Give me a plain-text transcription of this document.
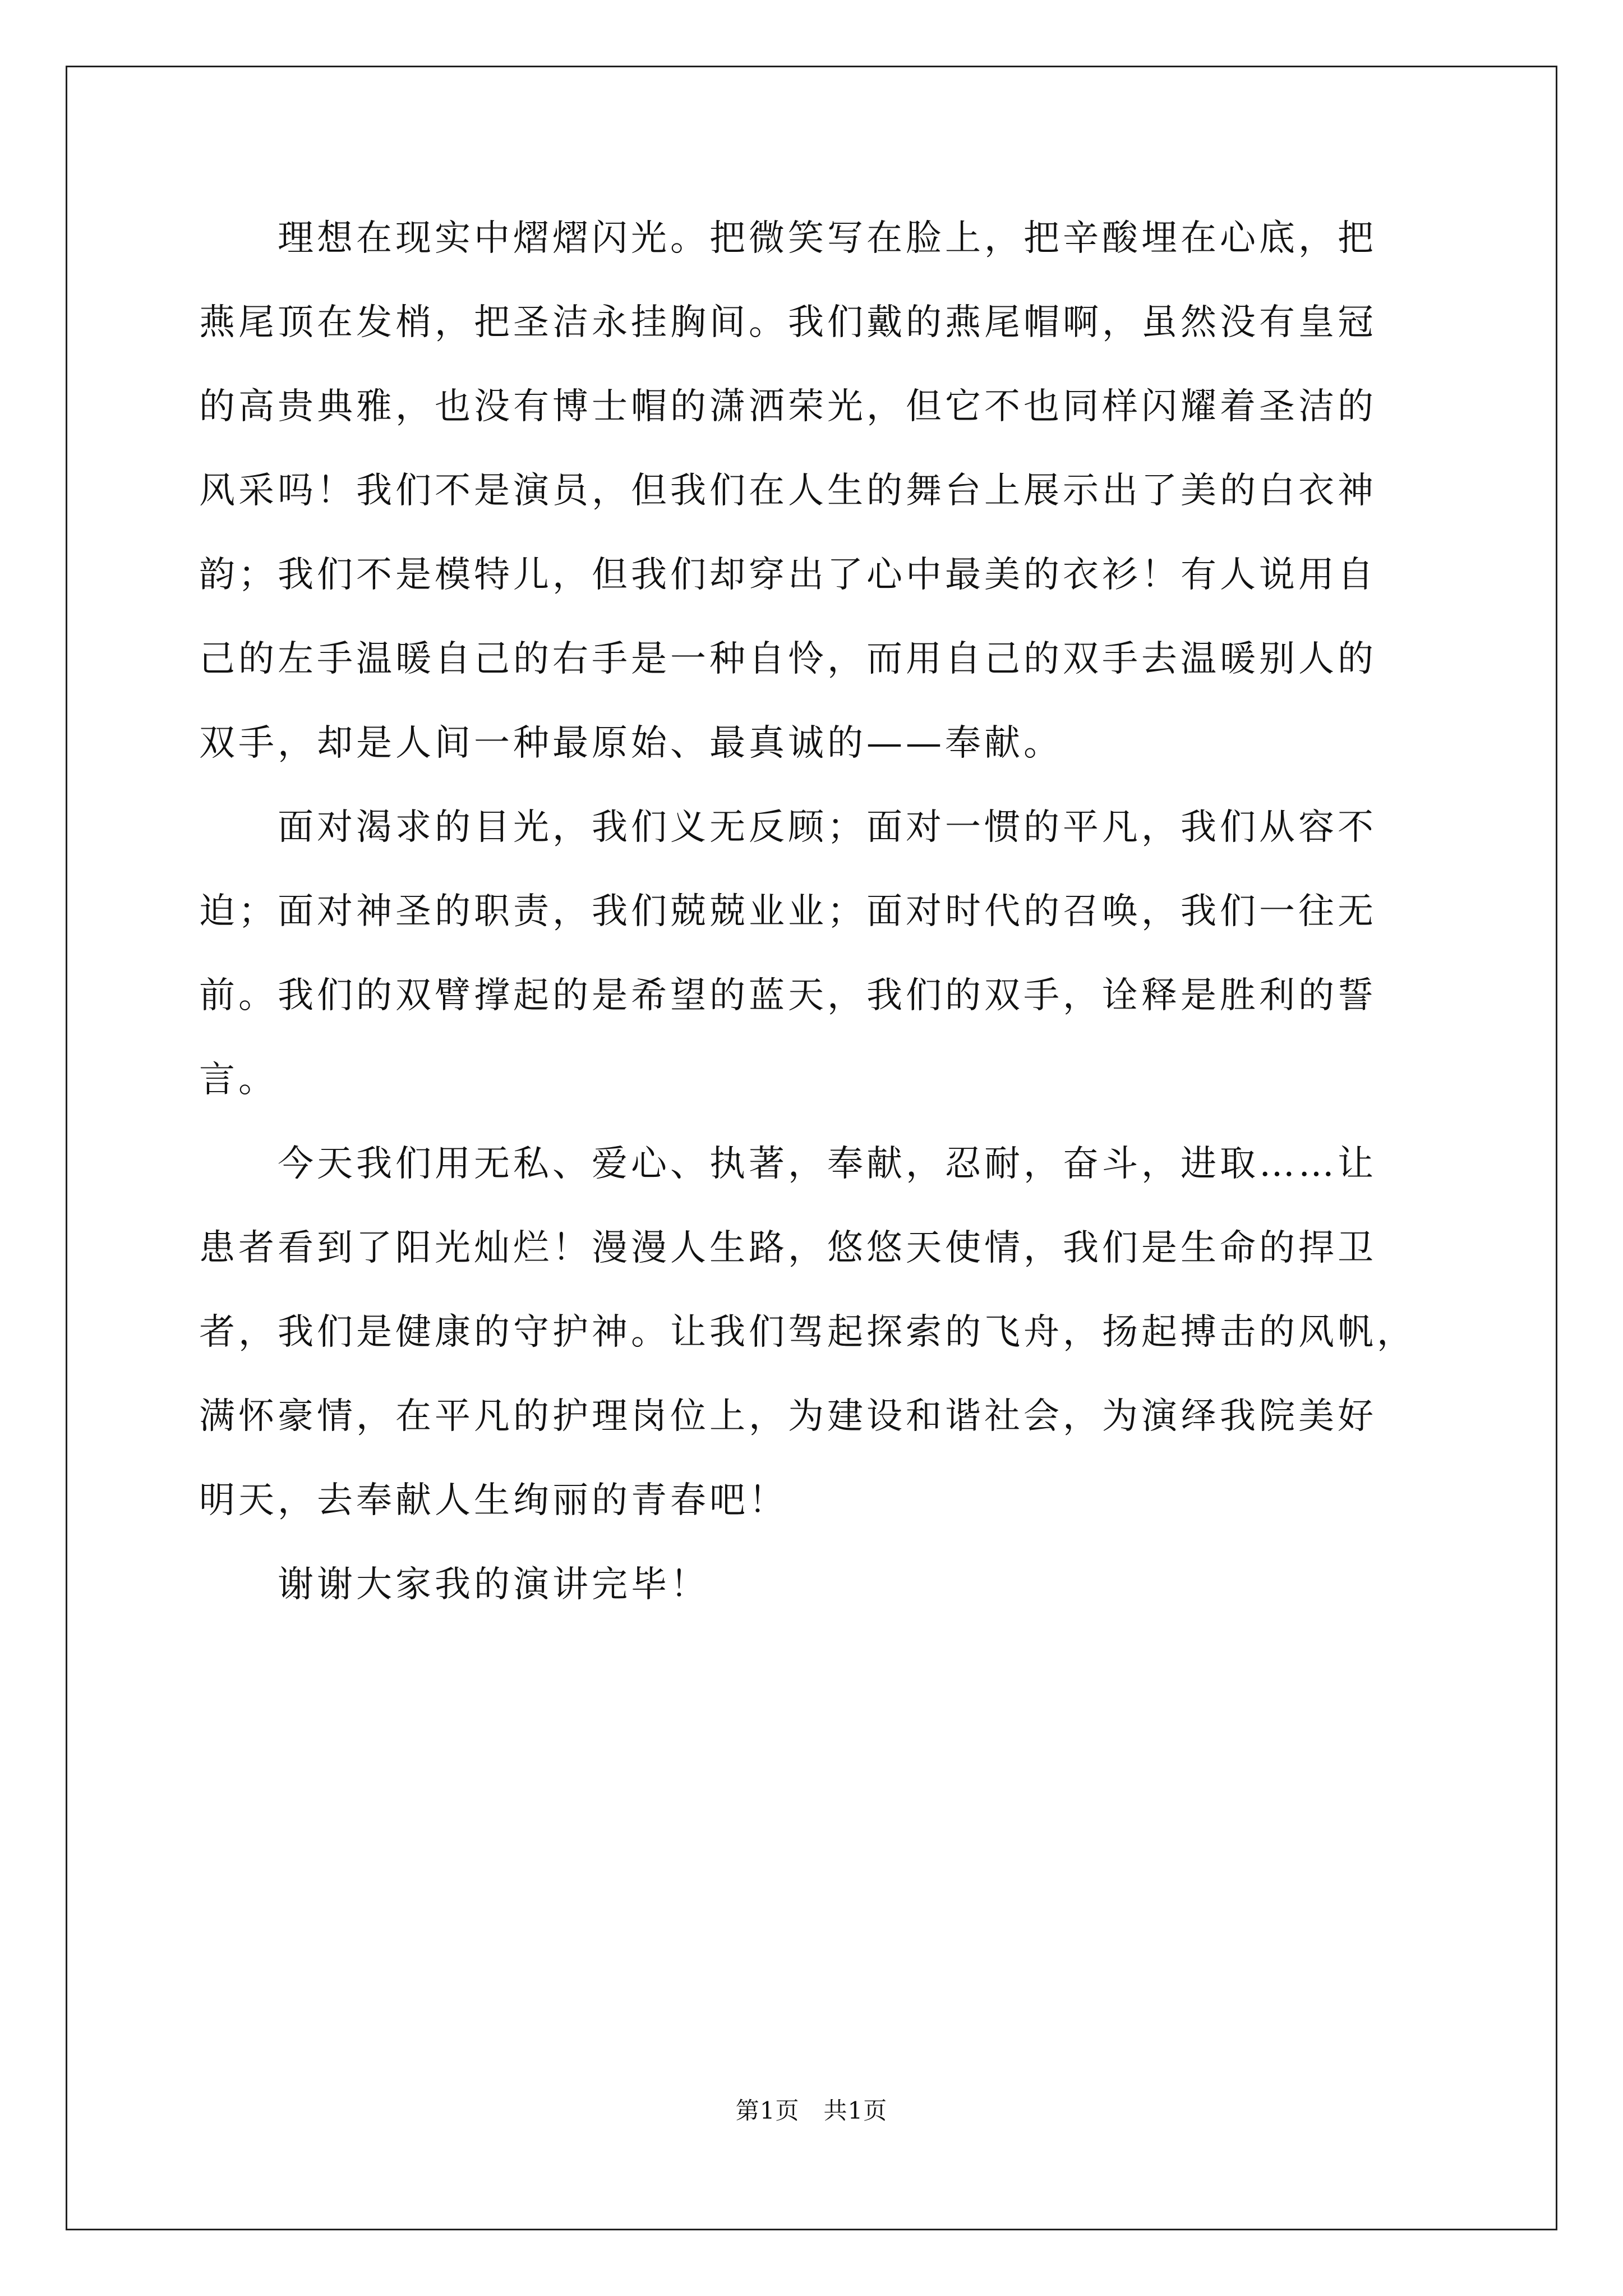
　　理想在现实中熠熠闪光。把微笑写在脸上，把辛酸埋在心底，把
燕尾顶在发梢，把圣洁永挂胸间。我们戴的燕尾帽啊，虽然没有皇冠
的高贵典雅，也没有博士帽的潇洒荣光，但它不也同样闪耀着圣洁的
风采吗！我们不是演员，但我们在人生的舞台上展示出了美的白衣神
韵；我们不是模特儿，但我们却穿出了心中最美的衣衫！有人说用自
己的左手温暖自己的右手是一种自怜，而用自己的双手去温暖别人的
双手，却是人间一种最原始、最真诚的——奉献。
　　面对渴求的目光，我们义无反顾；面对一惯的平凡，我们从容不
迫；面对神圣的职责，我们兢兢业业；面对时代的召唤，我们一往无
前。我们的双臂撑起的是希望的蓝天，我们的双手，诠释是胜利的誓
言。
　　今天我们用无私、爱心、执著，奉献，忍耐，奋斗，进取……让
患者看到了阳光灿烂！漫漫人生路，悠悠天使情，我们是生命的捍卫
者，我们是健康的守护神。让我们驾起探索的飞舟，扬起搏击的风帆，
满怀豪情，在平凡的护理岗位上，为建设和谐社会，为演绎我院美好
明天，去奉献人生绚丽的青春吧！
　　谢谢大家我的演讲完毕！
第1页　共1页
